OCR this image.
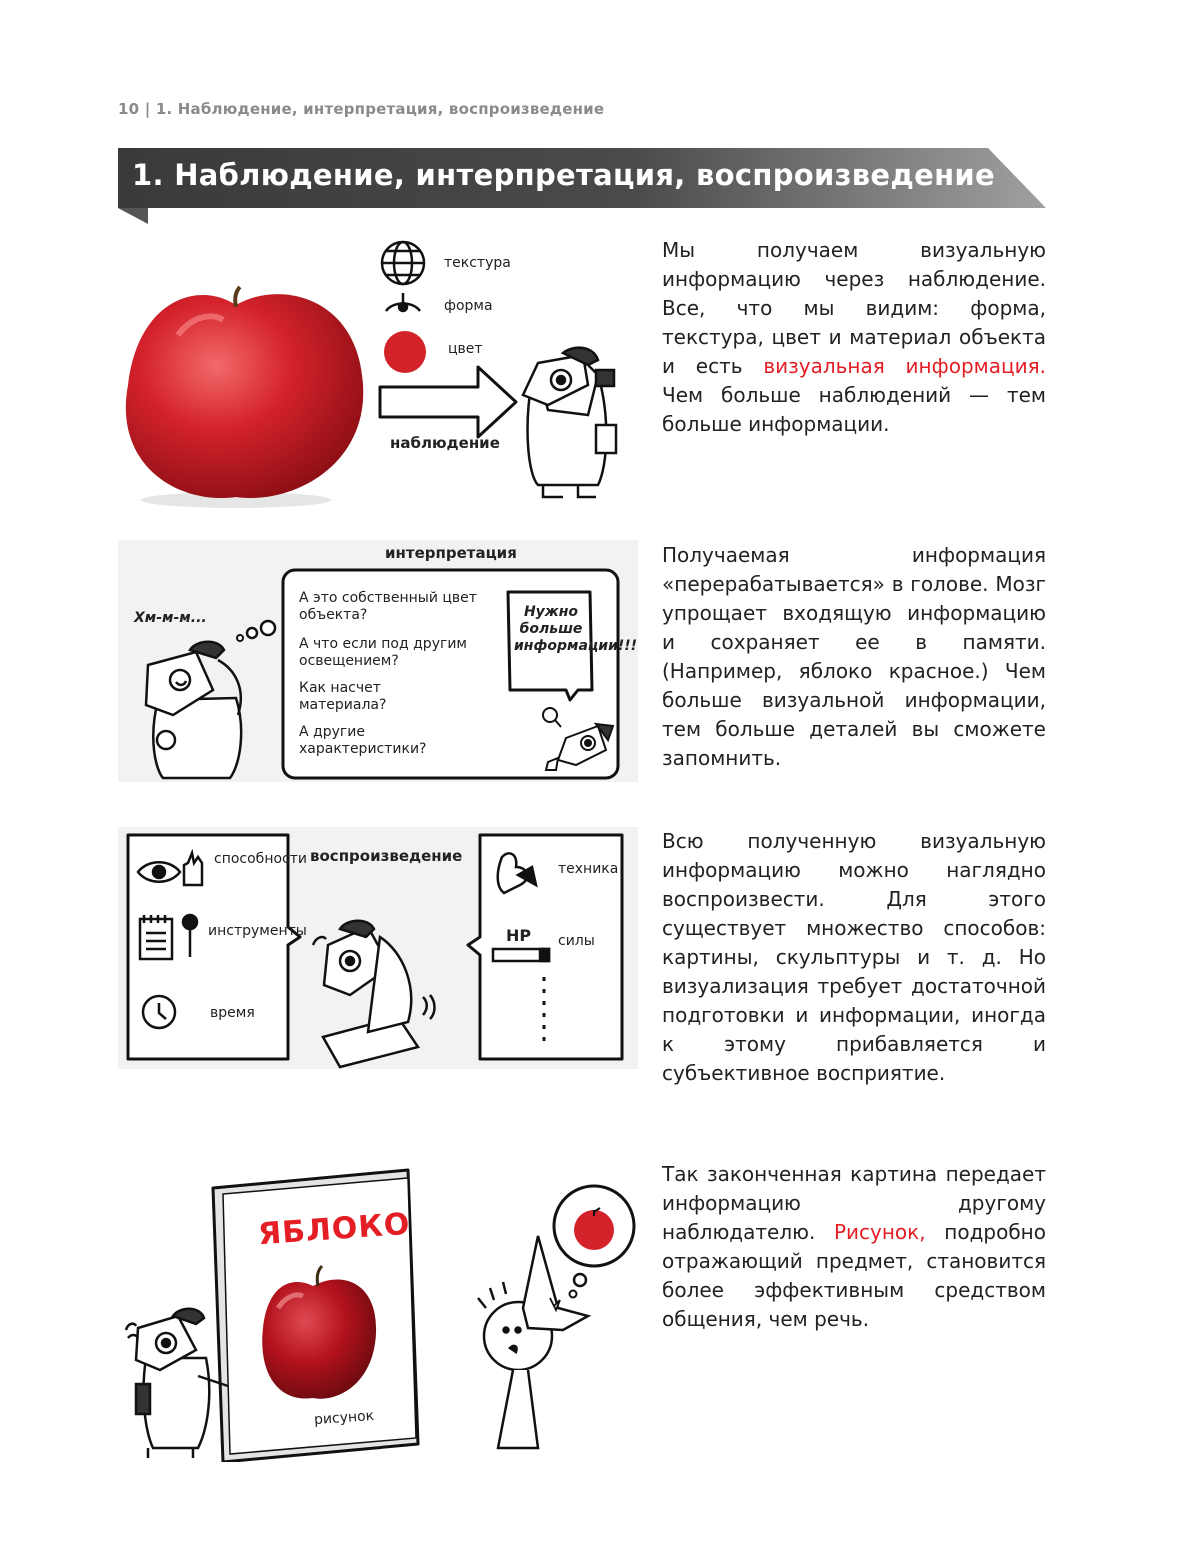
10 | 1. Наблюдение, интерпретация, воспроизведение
1. Наблюдение, интерпретация, воспроизведение
текстура
форма
цвет
наблюдение
Мы получаем визуальную информацию через наблюдение. Все, что мы видим: форма, текстура, цвет и материал объекта и есть визуальная информация. Чем больше наблюдений — тем больше информации.
интерпретация
Хм-м-м...
А это собственный цвет объекта?
А что если под другим освещением?
Как насчет материала?
А другие характеристики?
Нужно больше информации!!!
Получаемая информация «перерабатывается» в голове. Мозг упрощает входящую информацию и сохраняет ее в памяти. (Например, яблоко красное.) Чем больше визуальной информации, тем больше деталей вы сможете запомнить.
воспроизведение
способности
инструменты
время
техника
HP силы
Всю полученную визуальную информацию можно наглядно воспроизвести. Для этого существует множество способов: картины, скульптуры и т. д. Но визуализация требует достаточной подготовки и информации, иногда к этому прибавляется и субъективное восприятие.
ЯБЛОКО
рисунок
Так законченная картина передает информацию другому наблюдателю. Рисунок, подробно отражающий предмет, становится более эффективным средством общения, чем речь.
